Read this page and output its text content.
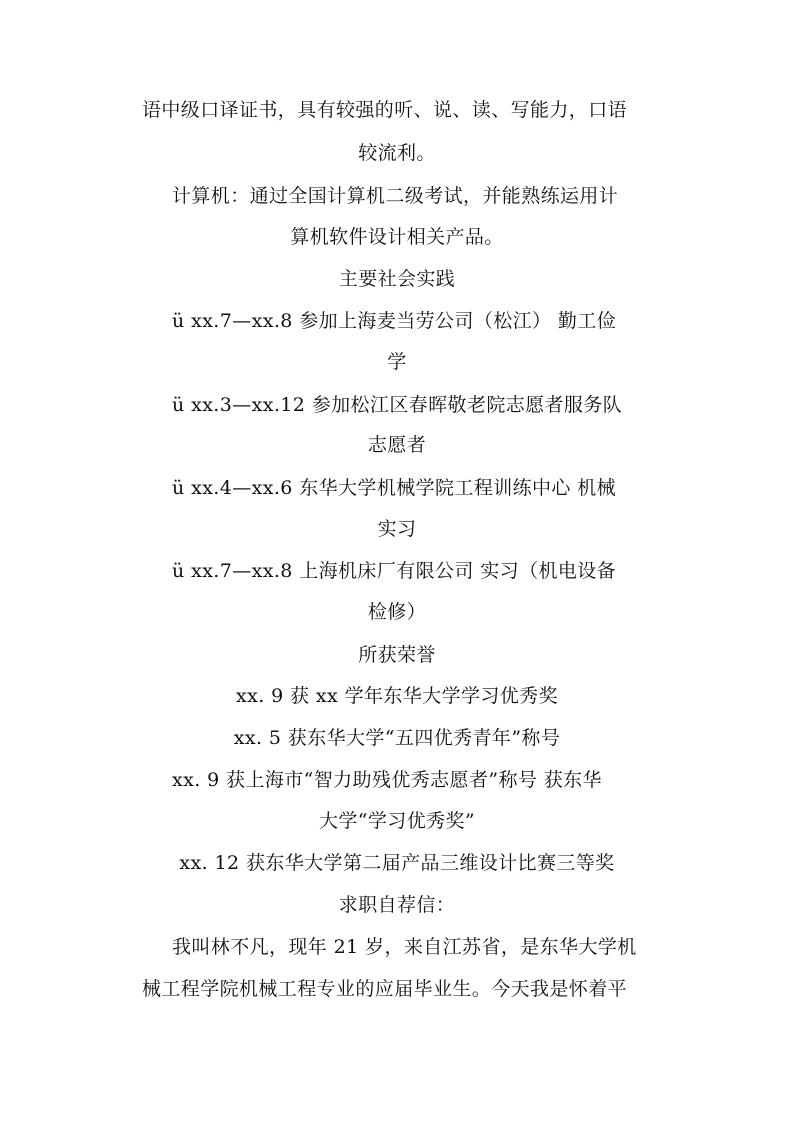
语中级口译证书，具有较强的听、说、读、写能力，口语
较流利。
计算机：通过全国计算机二级考试，并能熟练运用计
算机软件设计相关产品。
主要社会实践
ü xx.7—xx.8 参加上海麦当劳公司（松江） 勤工俭
学
ü xx.3—xx.12 参加松江区春晖敬老院志愿者服务队
志愿者
ü xx.4—xx.6 东华大学机械学院工程训练中心 机械
实习
ü xx.7—xx.8 上海机床厂有限公司 实习（机电设备
检修）
所获荣誉
xx. 9 获 xx 学年东华大学学习优秀奖
xx. 5 获东华大学“五四优秀青年”称号
xx. 9 获上海市“智力助残优秀志愿者”称号 获东华
大学“学习优秀奖”
xx. 12 获东华大学第二届产品三维设计比赛三等奖
求职自荐信：
我叫林不凡，现年 21 岁，来自江苏省，是东华大学机
械工程学院机械工程专业的应届毕业生。今天我是怀着平
